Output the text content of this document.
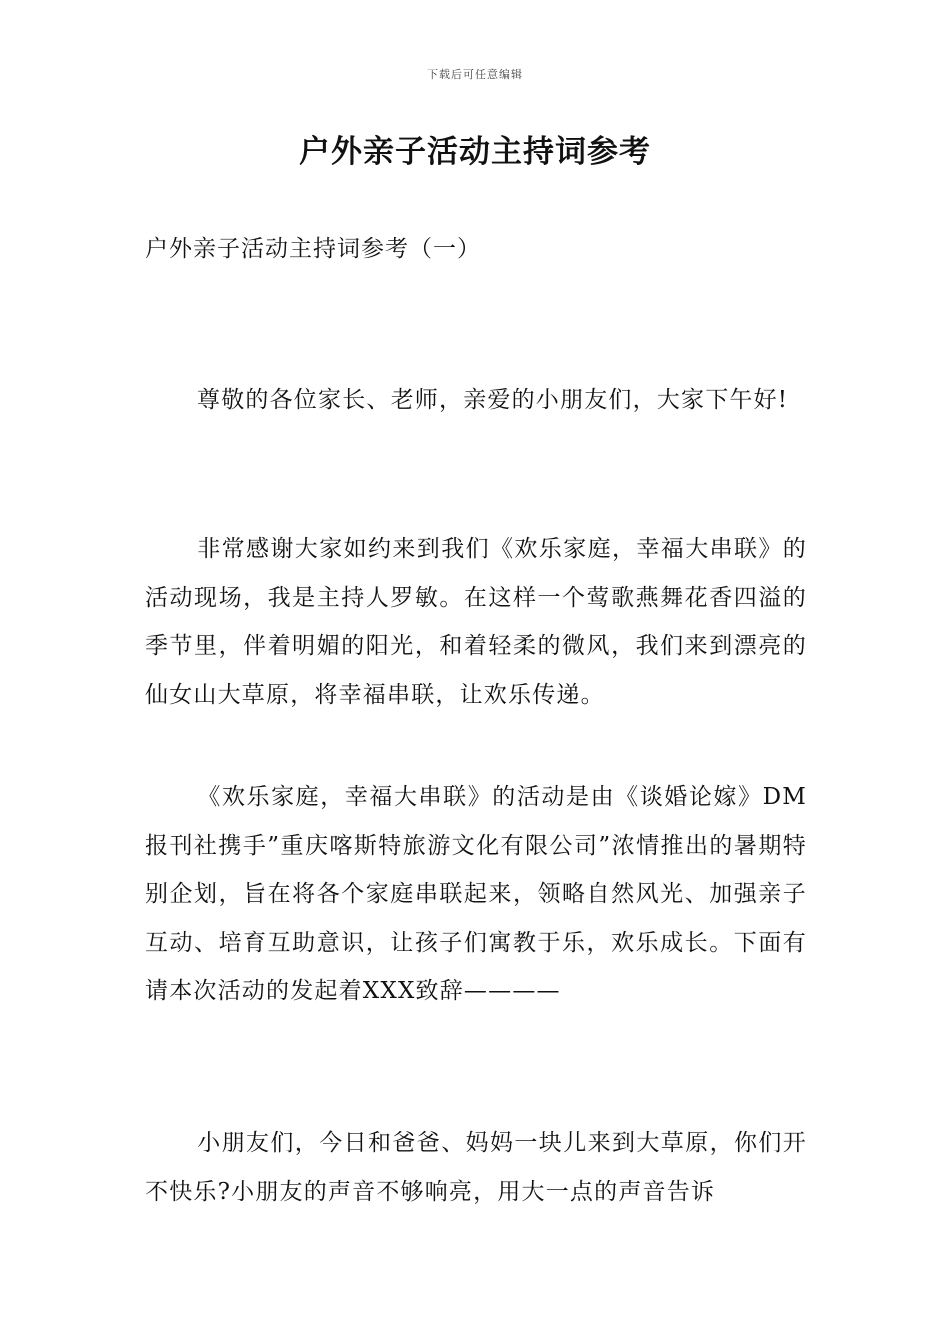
下载后可任意编辑
户外亲子活动主持词参考
户外亲子活动主持词参考（一）

尊敬的各位家长、老师，亲爱的小朋友们，大家下午好!

非常感谢大家如约来到我们《欢乐家庭，幸福大串联》的活动现场，我是主持人罗敏。在这样一个莺歌燕舞花香四溢的季节里，伴着明媚的阳光，和着轻柔的微风，我们来到漂亮的仙女山大草原，将幸福串联，让欢乐传递。

《欢乐家庭，幸福大串联》的活动是由《谈婚论嫁》DM报刊社携手”重庆喀斯特旅游文化有限公司”浓情推出的暑期特别企划，旨在将各个家庭串联起来，领略自然风光、加强亲子互动、培育互助意识，让孩子们寓教于乐，欢乐成长。下面有请本次活动的发起着XXX致辞————

小朋友们，今日和爸爸、妈妈一块儿来到大草原，你们开不快乐?小朋友的声音不够响亮，用大一点的声音告诉
